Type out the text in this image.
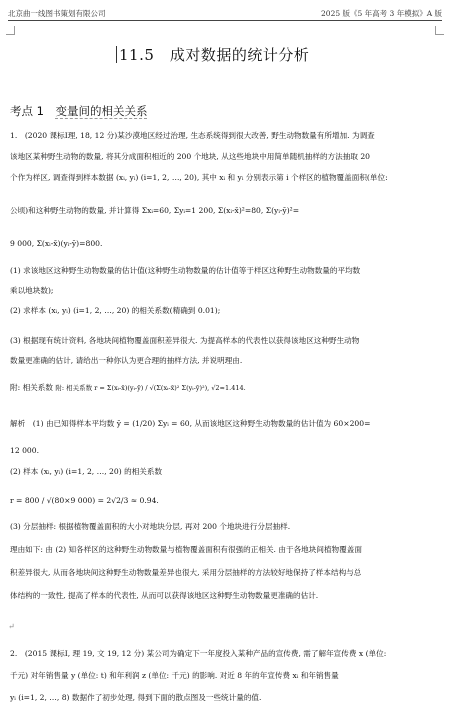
北京曲一线图书策划有限公司	2025 版《5 年高考 3 年模拟》A 版
11.5　成对数据的统计分析
考点 1　 变量间的相关关系
1.　(2020 课标Ⅰ理, 18, 12 分)某沙漠地区经过治理, 生态系统得到很大改善, 野生动物数量有所增加. 为调查
该地区某种野生动物的数量, 将其分成面积相近的 200 个地块, 从这些地块中用简单随机抽样的方法抽取 20
个作为样区, 调查得到样本数据 (xᵢ, yᵢ) (i=1, 2, …, 20), 其中 xᵢ 和 yᵢ 分别表示第 i 个样区的植物覆盖面积(单位:
公顷)和这种野生动物的数量, 并计算得 Σxᵢ=60, Σyᵢ=1 200, Σ(xᵢ-x̄)²=80, Σ(yᵢ-ȳ)²=
9 000, Σ(xᵢ-x̄)(yᵢ-ȳ)=800.
(1) 求该地区这种野生动物数量的估计值(这种野生动物数量的估计值等于样区这种野生动物数量的平均数
乘以地块数);
(2) 求样本 (xᵢ, yᵢ) (i=1, 2, …, 20) 的相关系数(精确到 0.01);
(3) 根据现有统计资料, 各地块间植物覆盖面积差异很大. 为提高样本的代表性以获得该地区这种野生动物
数量更准确的估计, 请给出一种你认为更合理的抽样方法, 并说明理由.
附: 相关系数 附: 相关系数 r = Σ(xᵢ-x̄)(yᵢ-ȳ) / √(Σ(xᵢ-x̄)² Σ(yᵢ-ȳ)²), √2≈1.414.
解析　(1) 由已知得样本平均数 ȳ = (1/20) Σyᵢ = 60, 从而该地区这种野生动物数量的估计值为 60×200=
12 000.
(2) 样本 (xᵢ, yᵢ) (i=1, 2, …, 20) 的相关系数
r = 800 / √(80×9 000) = 2√2/3 ≈ 0.94.
(3) 分层抽样: 根据植物覆盖面积的大小对地块分层, 再对 200 个地块进行分层抽样.
理由如下: 由 (2) 知各样区的这种野生动物数量与植物覆盖面积有很强的正相关. 由于各地块间植物覆盖面
积差异很大, 从而各地块间这种野生动物数量差异也很大, 采用分层抽样的方法较好地保持了样本结构与总
体结构的一致性, 提高了样本的代表性, 从而可以获得该地区这种野生动物数量更准确的估计.
↵
2.　(2015 课标Ⅰ, 理 19, 文 19, 12 分) 某公司为确定下一年度投入某种产品的宣传费, 需了解年宣传费 x (单位:
千元) 对年销售量 y (单位: t) 和年利润 z (单位: 千元) 的影响. 对近 8 年的年宣传费 xᵢ 和年销售量
yᵢ (i=1, 2, …, 8) 数据作了初步处理, 得到下面的散点图及一些统计量的值.
